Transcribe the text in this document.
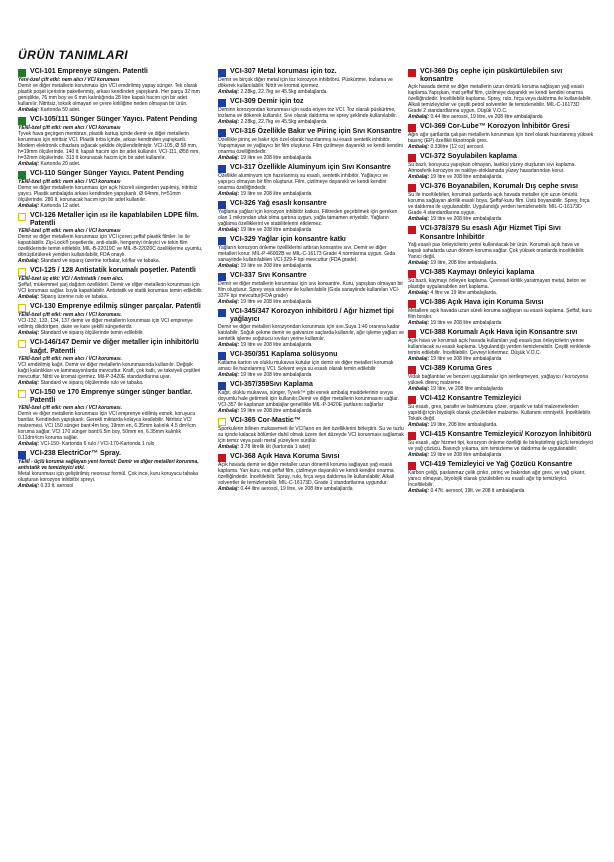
ÜRÜN TANIMLARI
VCI-101 Emprenye süngerı. Patentli
Yeni-özel çift etki: nem alıcı / VCI koruması
Demir ve diğer metallerin korunması için VCI emdirilmiş yapay sünger. Tek olarak plastik poşet içerisine paketlenmiş, arkası kendinden yapışkanlı. Her parça 32 mm genişlikte, 76 mm boy ve 6 mm kalınlığında 28 litre kapalı hacım için bir adet kullanılır. Nitritsiz, toksik olmayan ve çevre kirliliğine neden olmayan bir ürün.
Ambalaj: Kartonda 50 adet.
VCI-105/111 Sünger Sünger Yayıcı. Patent Pending
YENİ-özel çift etki: nem alıcı / VCI koruması
Tyvek hava geçirgen membran, plastik kartuş içinde demir ve diğer metallerin korunması için nitritsiz VCI. Plastik tırba içinde, arkası kendinden yapışkanlı. Modern elektronik cihazlara sığacak şekilde ölçülendirilmiştir. VCI-105, Ø 58 mm, h=19mm ölçülerinde. 140 lt. kapalı hacım için bir adet kullanılır. VCI-111, Ø58 mm, h=32mm ölçülerinde. 313 lt korunacak hacım için bir adet kullanılır.
Ambalaj: Kartonda 20 adet.
VCI-110 Sünger Sünger Yayıcı. Patent Pending
YENİ-özel çift etki: nem alıcı / VCI koruması
Demir ve diğer metallerin korunması için açık hücreli süngerden yapılmış, nitritsiz yayıcı. Plastik ambalajda arkası kendinden yapışkanlı. Ø 64mm, h=51mm ölçülerinde. 280 lt. korunacak hacım için bir adet kullanılır.
Ambalaj: Kartonda 12 adet.
VCI-126 Metaller için ısı ile kapatılabilen LDPE film. Patentli
YENİ-özel çift etki: nem alıcı / VCI koruması
Demir ve diğer metallerin korunması için VCI içeren şeffaf plastik filmler. Isı ile kapatılabilir. Zip-Lock® poşetlerde, anti-statik, hengeniyi önleyici ve tekin film özelliklerinde temin edilebilir. MIL-B-22019C ve MIL-B-22020C özelliklerine uyumlu, dönüştürülerek yeniden kullanılabilir, FDA onaylı.
Ambalaj: Standard ve siparış üzerine torbalar, kılıflar ve tabaka.
VCI-125 / 128 Antistatik korumalı poşetler. Patentli
YENİ-özel üç etki: VCI / Antistatik / nem alıcı.
Şeffaf, mükemmel şarj dağıtım özellikleri. Demir ve diğer metallerin korunması için VCI koruması sağlar. Isıyla kapatılabilir. Antistatik ve statik koruması temin edilebilir.
Ambalaj: Siparış üzerine rulo ve tabaka.
VCI-130 Emprenye edilmiş sünger parçalar. Patentli
YENİ-özel çift etki: nem alıcı / VCI koruması.
VCI-132, 133, 134, 137 demir ve diğer metallerin korunması için VCI emprenye edilmiş dikdörtgen, daire ve kare şekilli süngerlerdir.
Ambalaj: Standard ve siparış ölçülerinde temin edilebilir.
VCI-146/147 Demir ve diğer metaller için inhibitörlü kağıt. Patentli
YENİ-özel çift etki: nem alıcı / VCI koruması.
VCI emdirilmiş kağıt. Demir ve diğer metallerin korunmasında kullanılır. Değişik kağıt kalınlıkları ve laminasyonlarda mevcuttur. Kraft, çok katlı, ve takviyeli çeşitleri mevcuttur. Nitrit ve kromat içermez. Mil-P-3420E standardlarına uyar.
Ambalaj: Standard ve siparış ölçülerinde rulo ve tabaka.
VCI-150 ve 170 Emprenye sünger sünger bantlar. Patentli
YENİ-özel çift etki: nem alıcı / VCI koruması.
Demir ve diğer metallerin korunması için VCI emprenye edilmiş esnek, koruyucu bantlar. Kendinden yapışkanlı. Gerekli miktarda kolayca kesilebilir. Nitritsiz VCI malzemesi. VCI 150 sünger bant:4m boy, 19mm en, 6.35mm kalınlık 4.5 dm³/cm koruma sağlar. VCI 170 sünger bant:6.5m boy, 50mm en, 6.35mm kalınlık 0.11dm³/cm koruma sağlar.
Ambalaj: VCI-150- Kartonda 6 rulo / VCI-170-Kartonda 1 rulo
VCI-238 ElectriCor™ Spray.
YENİ - üçlü koruma sağlayan yeni formül: Demir ve diğer metalleri korunma, antistatik ve temizleyici etki.
Metal korunması için geliştirilmiş neonsuz formül. Çok ince, kuru koruyucu tabaka oluşturan korozyon inhibitör spreyi.
Ambalaj: 0.33 lt. aerosol
VCI-307 Metal koruması için toz.
Demir ve birçok diğer metal için toz korozyon inhibitörü. Püskürtme, tozlama ve dökerek kullanılabilir. Nitrit ve kromat içermez.
Ambalaj: 2.28kg, 22.7kg ve 45.5kg ambalajlarda
VCI-309 Demir için toz
Demirin korozyondan korunması için suda eriyen toz VCI. Toz olarak püskürtme, tozlama ve dökerek kullanılır. Sıvı olarak daldırma ve sprey şeklinde kullanılabilir.
Ambalaj: 2.28kg, 22.7kg ve 45.5kg ambalajlarda
VCI-316 Özellikle Bakır ve Pirinç için Sıvı Konsantre
Özellikle pirinç ve bakır için özel olarak hazırlanmış su esaslı sentetik inhibitör. Yapışmayan ve yağlayıcı bir film oluşturur. Film çizilmeye dayanıklı ve kendi kendini onarma özelliğindedir.
Ambalaj: 19 litre ve 208 litre ambalajlarda
VCI-317 Özellikle Aluminyum için Sıvı Konsantre
Özellikle aluminyum için hazırlanmış su esaslı, sentetik inhibitör. Yağlayıcı ve yapışıcı olmayan bir film oluşturur. Film, çizilmeye dayanıklı ve kendi kendini onarma özelliğindedir.
Ambalaj: 19 litre ve 208 litre ambalajlarda
VCI-326 Yağ esaslı konsantre
Yağlama yağları için korozyon inhibitör katkısı. Filitreden geçebilmek için gereken olan 1 mikrondan ufak olma şartına uygun, yağla tamamen eriyebilir. Yağların yağlama özelliklerini ve stabilitelerini etkilemez.
Ambalaj: 19 litre ve 208 litre ambalajlarda
VCI-329 Yağlar için konsantre katkı
Yağların korozyon önleme özelliklerini arttıran konsantre sıvı. Demir ve diğer metalleri korur. MIL-P-46002B ve MIL-C-16173 Grade 4 normlarına uygun. Gıda sanayiinde kullanılabilen VCI-329-F tipi mevcuttur (FDA grade).
Ambalaj: 19 litre ve 208 litre ambalajlarda
VCI-337 Sıvı Konsantre
Demir ve diğer metallerin korunması için sıvı konsantre. Kuru, yapışkan olmayan bir film oluşturur. Sprey veya sisleme ile kullanılabilir (Gıda sanayiinde kullanılan VCI-337F tipi mevcuttur(FDA grade)
Ambalaj: 19 litre ve 208 litre ambalajlarda
VCI-345/347 Korozyon inhibitörü / Ağır hizmet tipi yağlayıcı
Demir ve diğer metalleri korozyondan korunması için sıvı.Suya 1:40 oranına kadar katılabilir. Soğuk çekme demir ve galvanize saçlarda kullanılır, ağır işleme yağları ve sentetik işleme soğutucu sıvıları yerine kullanılır.
Ambalaj: 19 litre ve 208 litre ambalajlarda
VCI-350/351 Kaplama solüsyonu
Katlama karton ve oluklu mukavva kutular için demir ve diğer metalleri korumak amacı ile hazırlanmış VCI. Solvent veya su esaslı olarak temin edilebilir
Ambalaj: 19 litre ve 208 litre ambalajlarda
VCI-357/359Sıvı Kaplama
Kağıt, oluklu mukavva, sünger, Tyvek™ gibi esnek ambalaj maddelerinin sıvıya doyumlu hale getirmek için kullanılır.Demir ve diğer metallerin korunmasını sağlar. VCI-357 ile kaplanan ambalajlar genellikle MIL-P-3420E şartlarını sağlarlar
Ambalaj: 19 litre ve 208 litre ambalajlarda
VCI-365 Cor-Mastic™
Sporkulerin bilinen mukavemeti ile VCI'ların en ileri özelliklerini birleştirir. Su ve tuzlu su içinde kalacak bölümler dahil olmak üzere ileri düzeyde VCI korunması sağlamak için temiz veya paslı metal yüzeylere sürülür.
Ambalaj: 3.78 litrelik kit (kartonda 1 adet)
VCI-368 Açık Hava Koruma Sıvısı
Açık havada demir ve diğer metaller uzun dönemli koruma sağlayan yağ esaslı kaplama. Yarı kuru, mat şeffaf film, çizilmeye dayanıklı ve kendi kendini onarma özelliğindedir. İnceltilebilir. Spray, rulo, fırça veya daldırma ile kullanılabilir. Alkali solventler ile temizlenebilir. MIL-C-16173D, Grade 1 standartlarına uygundur.
Ambalaj: 0.44 litre aerosol, 19 litre, ve 208 litre ambalajlarda
VCI-369 Dış cephe için püskürtülebilen sıvı konsantre
Açık havada demir ve diğer metallerin uzun ömürlü koruma sağlayan yağ esaslı kaplama.Yapışkan, mat şeffaf film, çizilmeye dayanıklı ve kendi kendini onarma özelliğindedir. İnceltilebilir kaplama. Sprey, rulo, fırça veya daldırma ile kullanılabilir. Alkali temizleyiciler ve çeşitli petrol solventler ile temizlenebilir. MIL-C-16173D Grade 2 standardlarına uygun. Düşük V.O.C.
Ambalaj: 0.44 litre aerosol, 19 litre, ve 208 litre ambalajlarda
VCI-369 Cor-Lube™ Korozyon İnhibitör Gresi
Ağırı ağır şartlarda çalışan metallerin korunması için özel olarak hazırlanmış yüksek basınç (EP) özellikli tiksotropik gres.
Ambalaj: 0.33litre (12 oz) aerosol.
VCI-372 Soyulabilen kaplama
Su bazlı, koruyucu yapışkan olmayan, lastiksi yüzey oluşturan sıvı kaplama. Atmosferik korozyon ve nakliye-stoklamada yüzey hasarlarından korur.
Ambalaj: 19 litre ve 208 litre ambalajlarda.
VCI-376 Boyanabilen, Korumalı Dış cephe sıvısı
Su ile inceltilebilen, korumalı şartlarda açık havada metaller için uzun ömürlü koruma sağlayan akrilik esaslı boya. Şeffaf-kuru film. Üstü boyanabilir. Sprey, fırça ve daldırma ile uygulanabilir. Uygulandığı yerden temizlenebilir. MIL-C-16173D Grade 4 standardlarına uygun.
Ambalaj: 19 litre ve 208 litre ambalajlarda
VCI-378/379 Su esaslı Ağır Hizmet Tipi Sıvı Konsantre İnhibitör
Yağ esaslı pas önleyicilerin yerini kullanılacak bir ürün. Korumalı açık hava ve kapalı sahalarda uzun dönem koruma sağlar. Çok yüksek oranlarda inceltilebilir. Yanıcı değil.
Ambalaj: 19 litre, 208 litre ambalajlarda.
VCI-385 Kaymayı önleyici kaplama
Su bazlı, kaymayı önleyen kaplama. Çevresel kirlilik yaratmayan metal, beton ve plastiğe uygulanabilen sert kaplama.
Ambalaj: 4 litre ve 19 litre ambalajlarda.
VCI-386 Açık Hava için Koruma Sıvısı
Metallere açık havada uzun süreli koruma sağlayan su esaslı kaplama. Şeffaf, kuru film bırakır.
Ambalaj: 19 litre ve 208 litre ambalajlarda
VCI-388 Korumalı Açık Hava için Konsantre sıvı
Açık hava ve korumalı açık havada kullanılan yağ esaslı pas önleyicilerin yerine kullanılacak su esaslı kaplama. Uygulandığı yerden temizlenebilir. Çeşitli renklerde temin edilebilir. İnceltilebilir. Çevreyi kirletmez. Düşük V.O.C.
Ambalaj: 19 litre ve 208 litre ambalajlarda
VCI-389 Koruma Gres
Vidalı bağlantılar ve benzeri uygulamalar için sertleşmeyen, yağlayıcı / korozyona yüksek direnç malzeme.
Ambalaj: 19 litre, ve 208 litre ambalajlarda
VCI-412 Konsantre Temizleyici
Su esaslı, gres, parafin ve balmumunu çözer, organik ve tabii malzemelerden yapıldığı için biyolojik olarak çözülebilen malzeme. Kullanımı emniyetli. İnceltilebilir. Toksik değil.
Ambalaj: 19 litre, 208 litre ambalajlarda.
VCI-415 Konsantre Temizleyici/ Korozyon İnhibitörü
Su esaslı, ağır hizmet tipi, korozyon önleme özelliği ile birleştirilmiş güçlü temizleyici ve yağ çözücü. Basınçlı yıkama, sim temizleme ve daldırma ile uygulanabilir.
Ambalaj: 19 litre ve 208 litre ambalajlarda
VCI-419 Temizleyici ve Yağ Çözücü Konsantre
Karbon çeliği, paslanmaz çelik çinko, pirinç ve bakırdan ağır gres, ve yağ çıkarır, yanıcı olmayan, biyolojik olarak çözülebilen su esaslı ağır tip temizleyici. İnceltilebilir.
Ambalaj: 0.47lt. aerosol, 19lt. ve 208 lt ambalajlarda
